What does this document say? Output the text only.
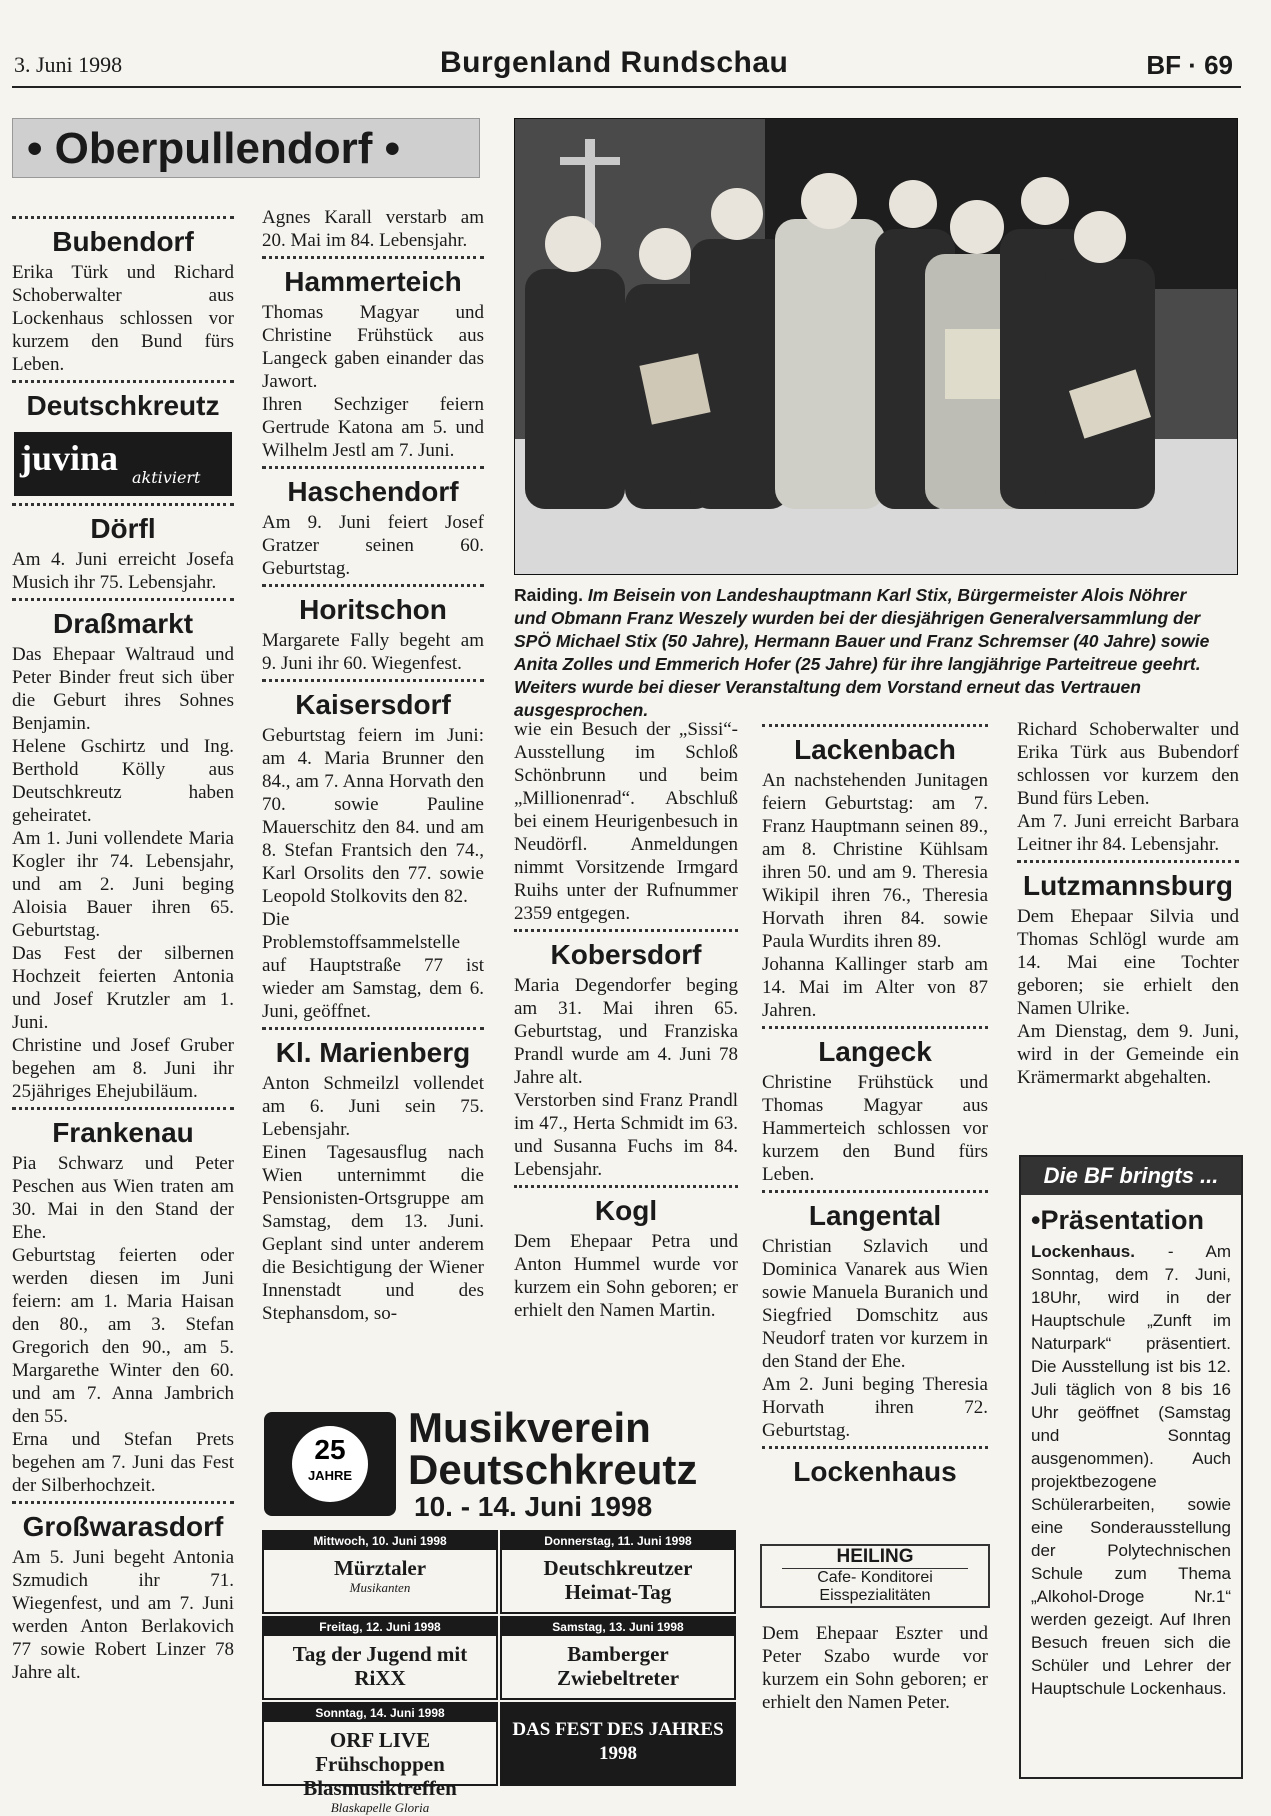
3. Juni 1998	Burgenland Rundschau	BF · 69
• Oberpullendorf •
Bubendorf

Erika Türk und Richard Schoberwalter aus Lockenhaus schlossen vor kurzem den Bund fürs Leben.

Deutschkreutz
Dörfl

Am 4. Juni erreicht Josefa Musich ihr 75. Lebensjahr.

Draßmarkt

Das Ehepaar Waltraud und Peter Binder freut sich über die Geburt ihres Sohnes Benjamin.

Helene Gschirtz und Ing. Berthold Kölly aus Deutschkreutz haben geheiratet.

Am 1. Juni vollendete Maria Kogler ihr 74. Lebensjahr, und am 2. Juni beging Aloisia Bauer ihren 65. Geburtstag.

Das Fest der silbernen Hochzeit feierten Antonia und Josef Krutzler am 1. Juni.

Christine und Josef Gruber begehen am 8. Juni ihr 25jähriges Ehejubiläum.

Frankenau

Pia Schwarz und Peter Peschen aus Wien traten am 30. Mai in den Stand der Ehe.

Geburtstag feierten oder werden diesen im Juni feiern: am 1. Maria Haisan den 80., am 3. Stefan Gregorich den 90., am 5. Margarethe Winter den 60. und am 7. Anna Jambrich den 55.

Erna und Stefan Prets begehen am 7. Juni das Fest der Silberhochzeit.

Großwarasdorf

Am 5. Juni begeht Antonia Szmudich ihr 71. Wiegenfest, und am 7. Juni werden Anton Berlakovich 77 sowie Robert Linzer 78 Jahre alt.

juvina aktiviert

Agnes Karall verstarb am 20. Mai im 84. Lebensjahr.

Hammerteich

Thomas Magyar und Christine Frühstück aus Langeck gaben einander das Jawort.

Ihren Sechziger feiern Gertrude Katona am 5. und Wilhelm Jestl am 7. Juni.

Haschendorf

Am 9. Juni feiert Josef Gratzer seinen 60. Geburtstag.

Horitschon

Margarete Fally begeht am 9. Juni ihr 60. Wiegenfest.

Kaisersdorf

Geburtstag feiern im Juni: am 4. Maria Brunner den 84., am 7. Anna Horvath den 70. sowie Pauline Mauerschitz den 84. und am 8. Stefan Frantsich den 74., Karl Orsolits den 77. sowie Leopold Stolkovits den 82.

Die Problemstoffsammelstelle auf Hauptstraße 77 ist wieder am Samstag, dem 6. Juni, geöffnet.

Kl. Marienberg

Anton Schmeilzl vollendet am 6. Juni sein 75. Lebensjahr.

Einen Tagesausflug nach Wien unternimmt die Pensionisten-Ortsgruppe am Samstag, dem 13. Juni. Geplant sind unter anderem die Besichtigung der Wiener Innenstadt und des Stephansdom, so-

Raiding. Im Beisein von Landeshauptmann Karl Stix, Bürgermeister Alois Nöhrer und Obmann Franz Weszely wurden bei der diesjährigen Generalversammlung der SPÖ Michael Stix (50 Jahre), Hermann Bauer und Franz Schremser (40 Jahre) sowie Anita Zolles und Emmerich Hofer (25 Jahre) für ihre langjährige Parteitreue geehrt. Weiters wurde bei dieser Veranstaltung dem Vorstand erneut das Vertrauen ausgesprochen.

wie ein Besuch der „Sissi“-Ausstellung im Schloß Schönbrunn und beim „Millionenrad“. Abschluß bei einem Heurigenbesuch in Neudörfl. Anmeldungen nimmt Vorsitzende Irmgard Ruihs unter der Rufnummer 2359 entgegen.

Kobersdorf

Maria Degendorfer beging am 31. Mai ihren 65. Geburtstag, und Franziska Prandl wurde am 4. Juni 78 Jahre alt.

Verstorben sind Franz Prandl im 47., Herta Schmidt im 63. und Susanna Fuchs im 84. Lebensjahr.

Kogl

Dem Ehepaar Petra und Anton Hummel wurde vor kurzem ein Sohn geboren; er erhielt den Namen Martin.

Lackenbach

An nachstehenden Junitagen feiern Geburtstag: am 7. Franz Hauptmann seinen 89., am 8. Christine Kühlsam ihren 50. und am 9. Theresia Wikipil ihren 76., Theresia Horvath ihren 84. sowie Paula Wurdits ihren 89.

Johanna Kallinger starb am 14. Mai im Alter von 87 Jahren.

Langeck

Christine Frühstück und Thomas Magyar aus Hammerteich schlossen vor kurzem den Bund fürs Leben.

Langental

Christian Szlavich und Dominica Vanarek aus Wien sowie Manuela Buranich und Siegfried Domschitz aus Neudorf traten vor kurzem in den Stand der Ehe.

Am 2. Juni beging Theresia Horvath ihren 72. Geburtstag.

Lockenhaus
HEILING
Cafe- Konditorei
Eisspezialitäten

Dem Ehepaar Eszter und Peter Szabo wurde vor kurzem ein Sohn geboren; er erhielt den Namen Peter.

Richard Schoberwalter und Erika Türk aus Bubendorf schlossen vor kurzem den Bund fürs Leben.

Am 7. Juni erreicht Barbara Leitner ihr 84. Lebensjahr.

Lutzmannsburg

Dem Ehepaar Silvia und Thomas Schlögl wurde am 14. Mai eine Tochter geboren; sie erhielt den Namen Ulrike.

Am Dienstag, dem 9. Juni, wird in der Gemeinde ein Krämermarkt abgehalten.

Die BF bringts ...
•Präsentation
Lockenhaus. - Am Sonntag, dem 7. Juni, 18Uhr, wird in der Hauptschule „Zunft im Naturpark“ präsentiert. Die Ausstellung ist bis 12. Juli täglich von 8 bis 16 Uhr geöffnet (Samstag und Sonntag ausgenommen). Auch projektbezogene Schülerarbeiten, sowie eine Sonderausstellung der Polytechnischen Schule zum Thema „Alkohol-Droge Nr.1“ werden gezeigt. Auf Ihren Besuch freuen sich die Schüler und Lehrer der Hauptschule Lockenhaus.
25
JAHRE
Musikverein
Deutschkreutz
10. - 14. Juni 1998
Mittwoch, 10. Juni 1998
Mürztaler
Musikanten
Donnerstag, 11. Juni 1998
Deutschkreutzer Heimat-Tag
Freitag, 12. Juni 1998
Tag der Jugend mit RiXX
Samstag, 13. Juni 1998
Bamberger Zwiebeltreter
Sonntag, 14. Juni 1998
ORF LIVE Frühschoppen Blasmusiktreffen
Blaskapelle Gloria
DAS FEST DES JAHRES 1998
